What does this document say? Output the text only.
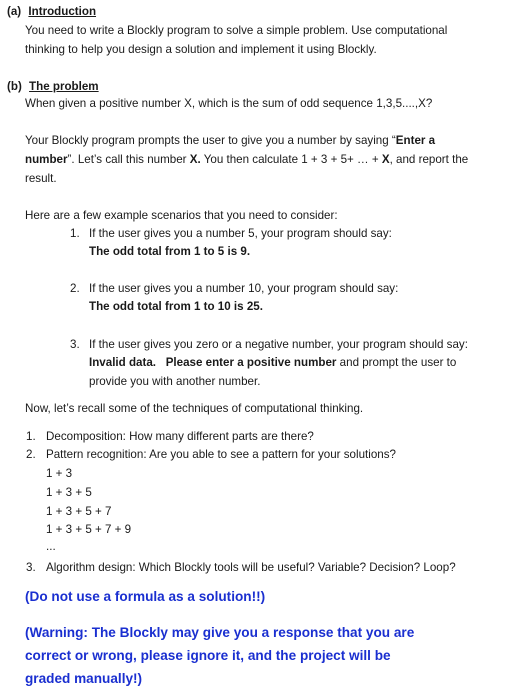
(a) Introduction
You need to write a Blockly program to solve a simple problem. Use computational
thinking to help you design a solution and implement it using Blockly.
(b) The problem
When given a positive number X, which is the sum of odd sequence 1,3,5....,X?
Your Blockly program prompts the user to give you a number by saying “Enter a
number”. Let’s call this number X. You then calculate 1 + 3 + 5+ … + X, and report the
result.
Here are a few example scenarios that you need to consider:
1. If the user gives you a number 5, your program should say:
The odd total from 1 to 5 is 9.
2. If the user gives you a number 10, your program should say:
The odd total from 1 to 10 is 25.
3. If the user gives you zero or a negative number, your program should say:
Invalid data. Please enter a positive number and prompt the user to
provide you with another number.
Now, let’s recall some of the techniques of computational thinking.
1. Decomposition: How many different parts are there?
2. Pattern recognition: Are you able to see a pattern for your solutions?
1 + 3
1 + 3 + 5
1 + 3 + 5 + 7
1 + 3 + 5 + 7 + 9
...
3. Algorithm design: Which Blockly tools will be useful? Variable? Decision? Loop?
(Do not use a formula as a solution!!)
(Warning: The Blockly may give you a response that you are
correct or wrong, please ignore it, and the project will be
graded manually!)
